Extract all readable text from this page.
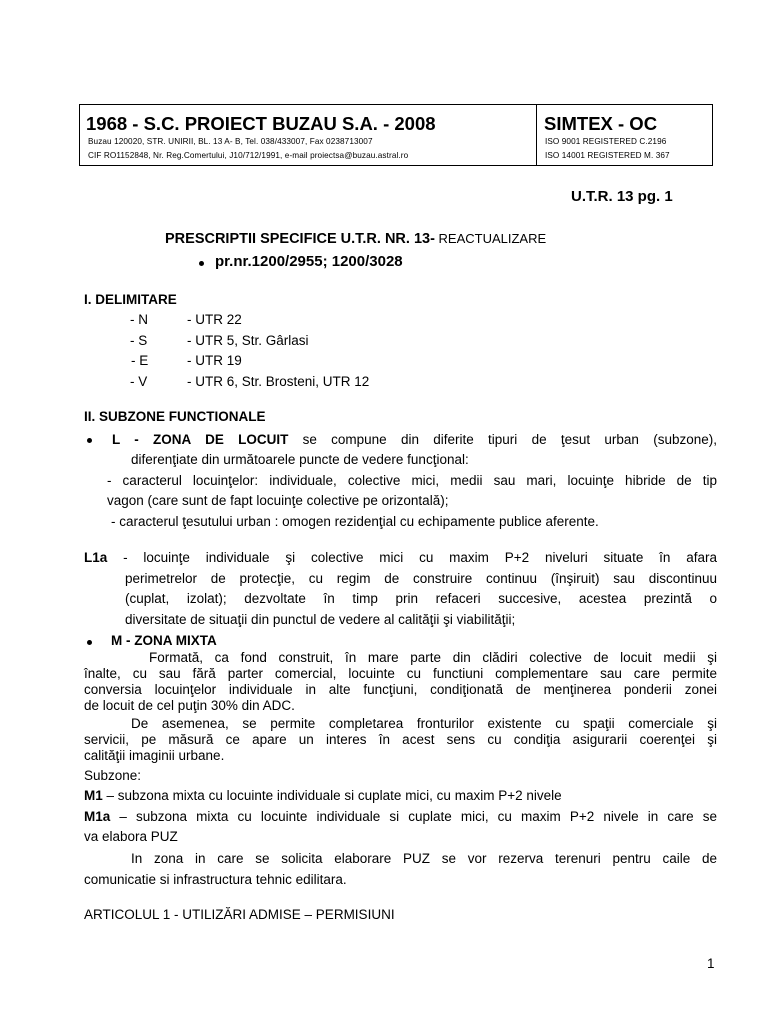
1968 - S.C. PROIECT BUZAU S.A. - 2008
Buzau 120020, STR. UNIRII, BL. 13 A- B, Tel. 038/433007, Fax 0238713007
CIF RO1152848, Nr. Reg.Comertului, J10/712/1991, e-mail proiectsa@buzau.astral.ro
SIMTEX - OC
ISO 9001 REGISTERED C.2196
ISO 14001 REGISTERED M. 367
U.T.R. 13 pg. 1
PRESCRIPTII SPECIFICE U.T.R. NR. 13- REACTUALIZARE
pr.nr.1200/2955; 1200/3028
I. DELIMITARE
- N	- UTR 22
- S	- UTR 5, Str. Gârlasi
- E	- UTR 19
- V	- UTR 6, Str. Brosteni, UTR 12
II. SUBZONE FUNCTIONALE
L - ZONA DE LOCUIT se compune din diferite tipuri de ţesut urban (subzone),
diferenţiate din următoarele puncte de vedere funcţional:
- caracterul locuinţelor: individuale, colective mici, medii sau mari, locuinţe hibride de tip
vagon (care sunt de fapt locuinţe colective pe orizontală);
- caracterul ţesutului urban : omogen rezidenţial cu echipamente publice aferente.
L1a - locuinţe individuale şi colective mici cu maxim P+2 niveluri situate în afara
perimetrelor de protecţie, cu regim de construire continuu (înşiruit) sau discontinuu
(cuplat, izolat); dezvoltate în timp prin refaceri succesive, acestea prezintă o
diversitate de situaţii din punctul de vedere al calităţii şi viabilităţii;
M - ZONA MIXTA
Formată, ca fond construit, în mare parte din clădiri colective de locuit medii şi
înalte, cu sau fără parter comercial, locuinte cu functiuni complementare sau care permite
conversia locuinţelor individuale in alte funcţiuni, condiţionată de menţinerea ponderii zonei
de locuit de cel puţin 30% din ADC.
De asemenea, se permite completarea fronturilor existente cu spaţii comerciale şi
servicii, pe măsură ce apare un interes în acest sens cu condiţia asigurarii coerenţei şi
calităţii imaginii urbane.
Subzone:
M1 – subzona mixta cu locuinte individuale si cuplate mici, cu maxim P+2 nivele
M1a – subzona mixta cu locuinte individuale si cuplate mici, cu maxim P+2 nivele in care se
va elabora PUZ
In zona in care se solicita elaborare PUZ se vor rezerva terenuri pentru caile de
comunicatie si infrastructura tehnic edilitara.
ARTICOLUL 1 - UTILIZĂRI ADMISE – PERMISIUNI
1
